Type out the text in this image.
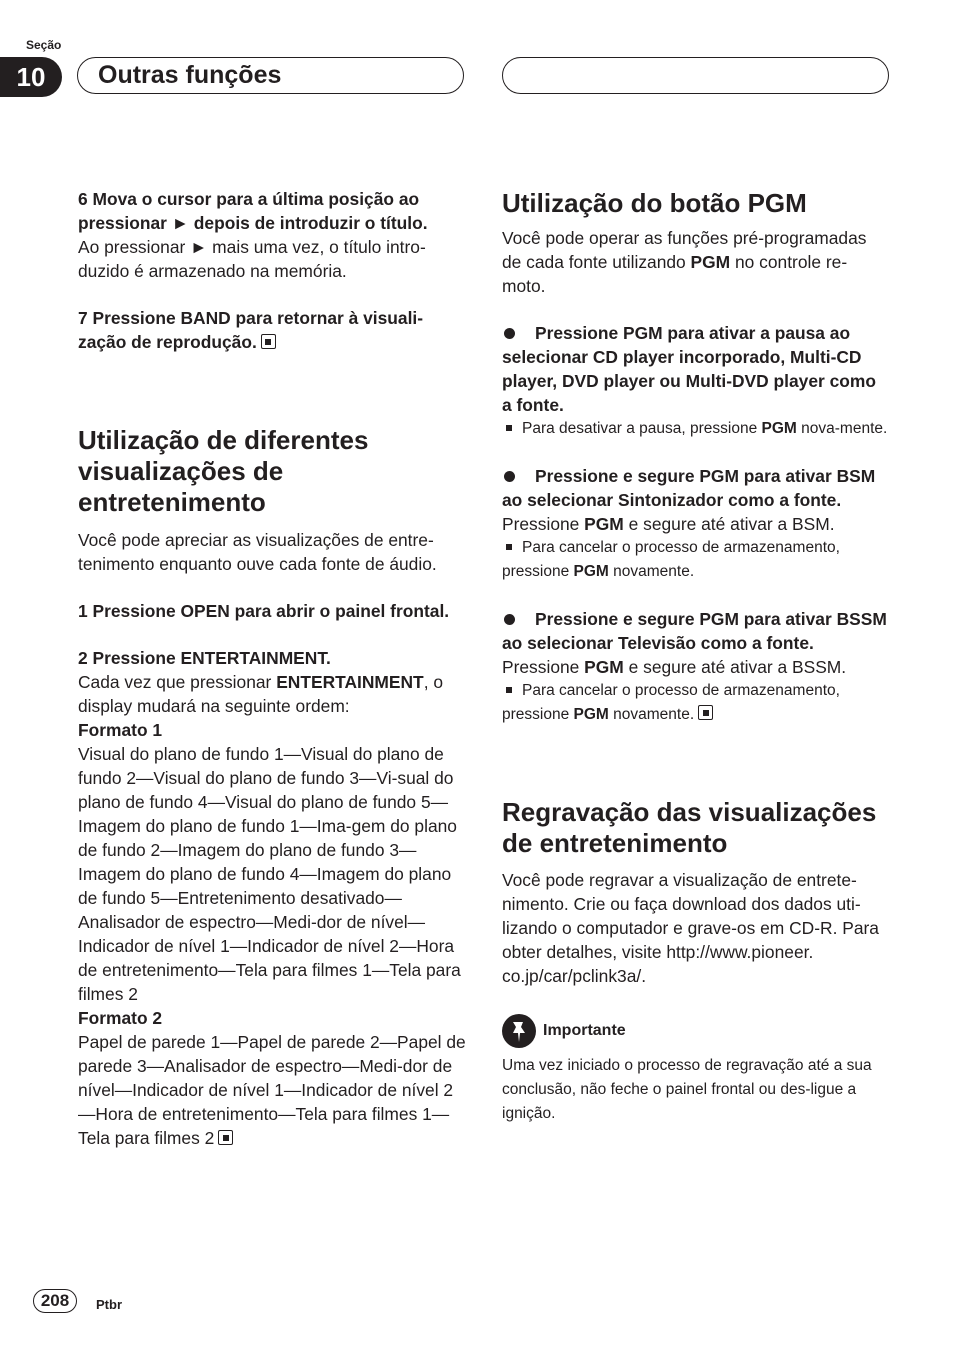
Seção
10 Outras funções

6 Mova o cursor para a última posição ao pressionar ► depois de introduzir o título.

Ao pressionar ► mais uma vez, o título intro-duzido é armazenado na memória.

7 Pressione BAND para retornar à visuali-zação de reprodução.

Utilização de diferentes visualizações de entretenimento

Você pode apreciar as visualizações de entre-tenimento enquanto ouve cada fonte de áudio.

1 Pressione OPEN para abrir o painel frontal.

2 Pressione ENTERTAINMENT.

Cada vez que pressionar ENTERTAINMENT, o display mudará na seguinte ordem:

Formato 1

Visual do plano de fundo 1—Visual do plano de fundo 2—Visual do plano de fundo 3—Vi-sual do plano de fundo 4—Visual do plano de fundo 5—Imagem do plano de fundo 1—Ima-gem do plano de fundo 2—Imagem do plano de fundo 3—Imagem do plano de fundo 4—Imagem do plano de fundo 5—Entretenimento desativado—Analisador de espectro—Medi-dor de nível—Indicador de nível 1—Indicador de nível 2—Hora de entretenimento—Tela para filmes 1—Tela para filmes 2

Formato 2

Papel de parede 1—Papel de parede 2—Papel de parede 3—Analisador de espectro—Medi-dor de nível—Indicador de nível 1—Indicador de nível 2—Hora de entretenimento—Tela para filmes 1—Tela para filmes 2

Utilização do botão PGM

Você pode operar as funções pré-programadas de cada fonte utilizando PGM no controle re-moto.

Pressione PGM para ativar a pausa ao selecionar CD player incorporado, Multi-CD player, DVD player ou Multi-DVD player como a fonte.

Para desativar a pausa, pressione PGM nova-mente.

Pressione e segure PGM para ativar BSM ao selecionar Sintonizador como a fonte.

Pressione PGM e segure até ativar a BSM.

Para cancelar o processo de armazenamento, pressione PGM novamente.

Pressione e segure PGM para ativar BSSM ao selecionar Televisão como a fonte.

Pressione PGM e segure até ativar a BSSM.

Para cancelar o processo de armazenamento, pressione PGM novamente.

Regravação das visualizações de entretenimento

Você pode regravar a visualização de entrete-nimento. Crie ou faça download dos dados uti-lizando o computador e grave-os em CD-R. Para obter detalhes, visite http://www.pioneer. co.jp/car/pclink3a/.

Importante

Uma vez iniciado o processo de regravação até a sua conclusão, não feche o painel frontal ou des-ligue a ignição.

208 Ptbr
